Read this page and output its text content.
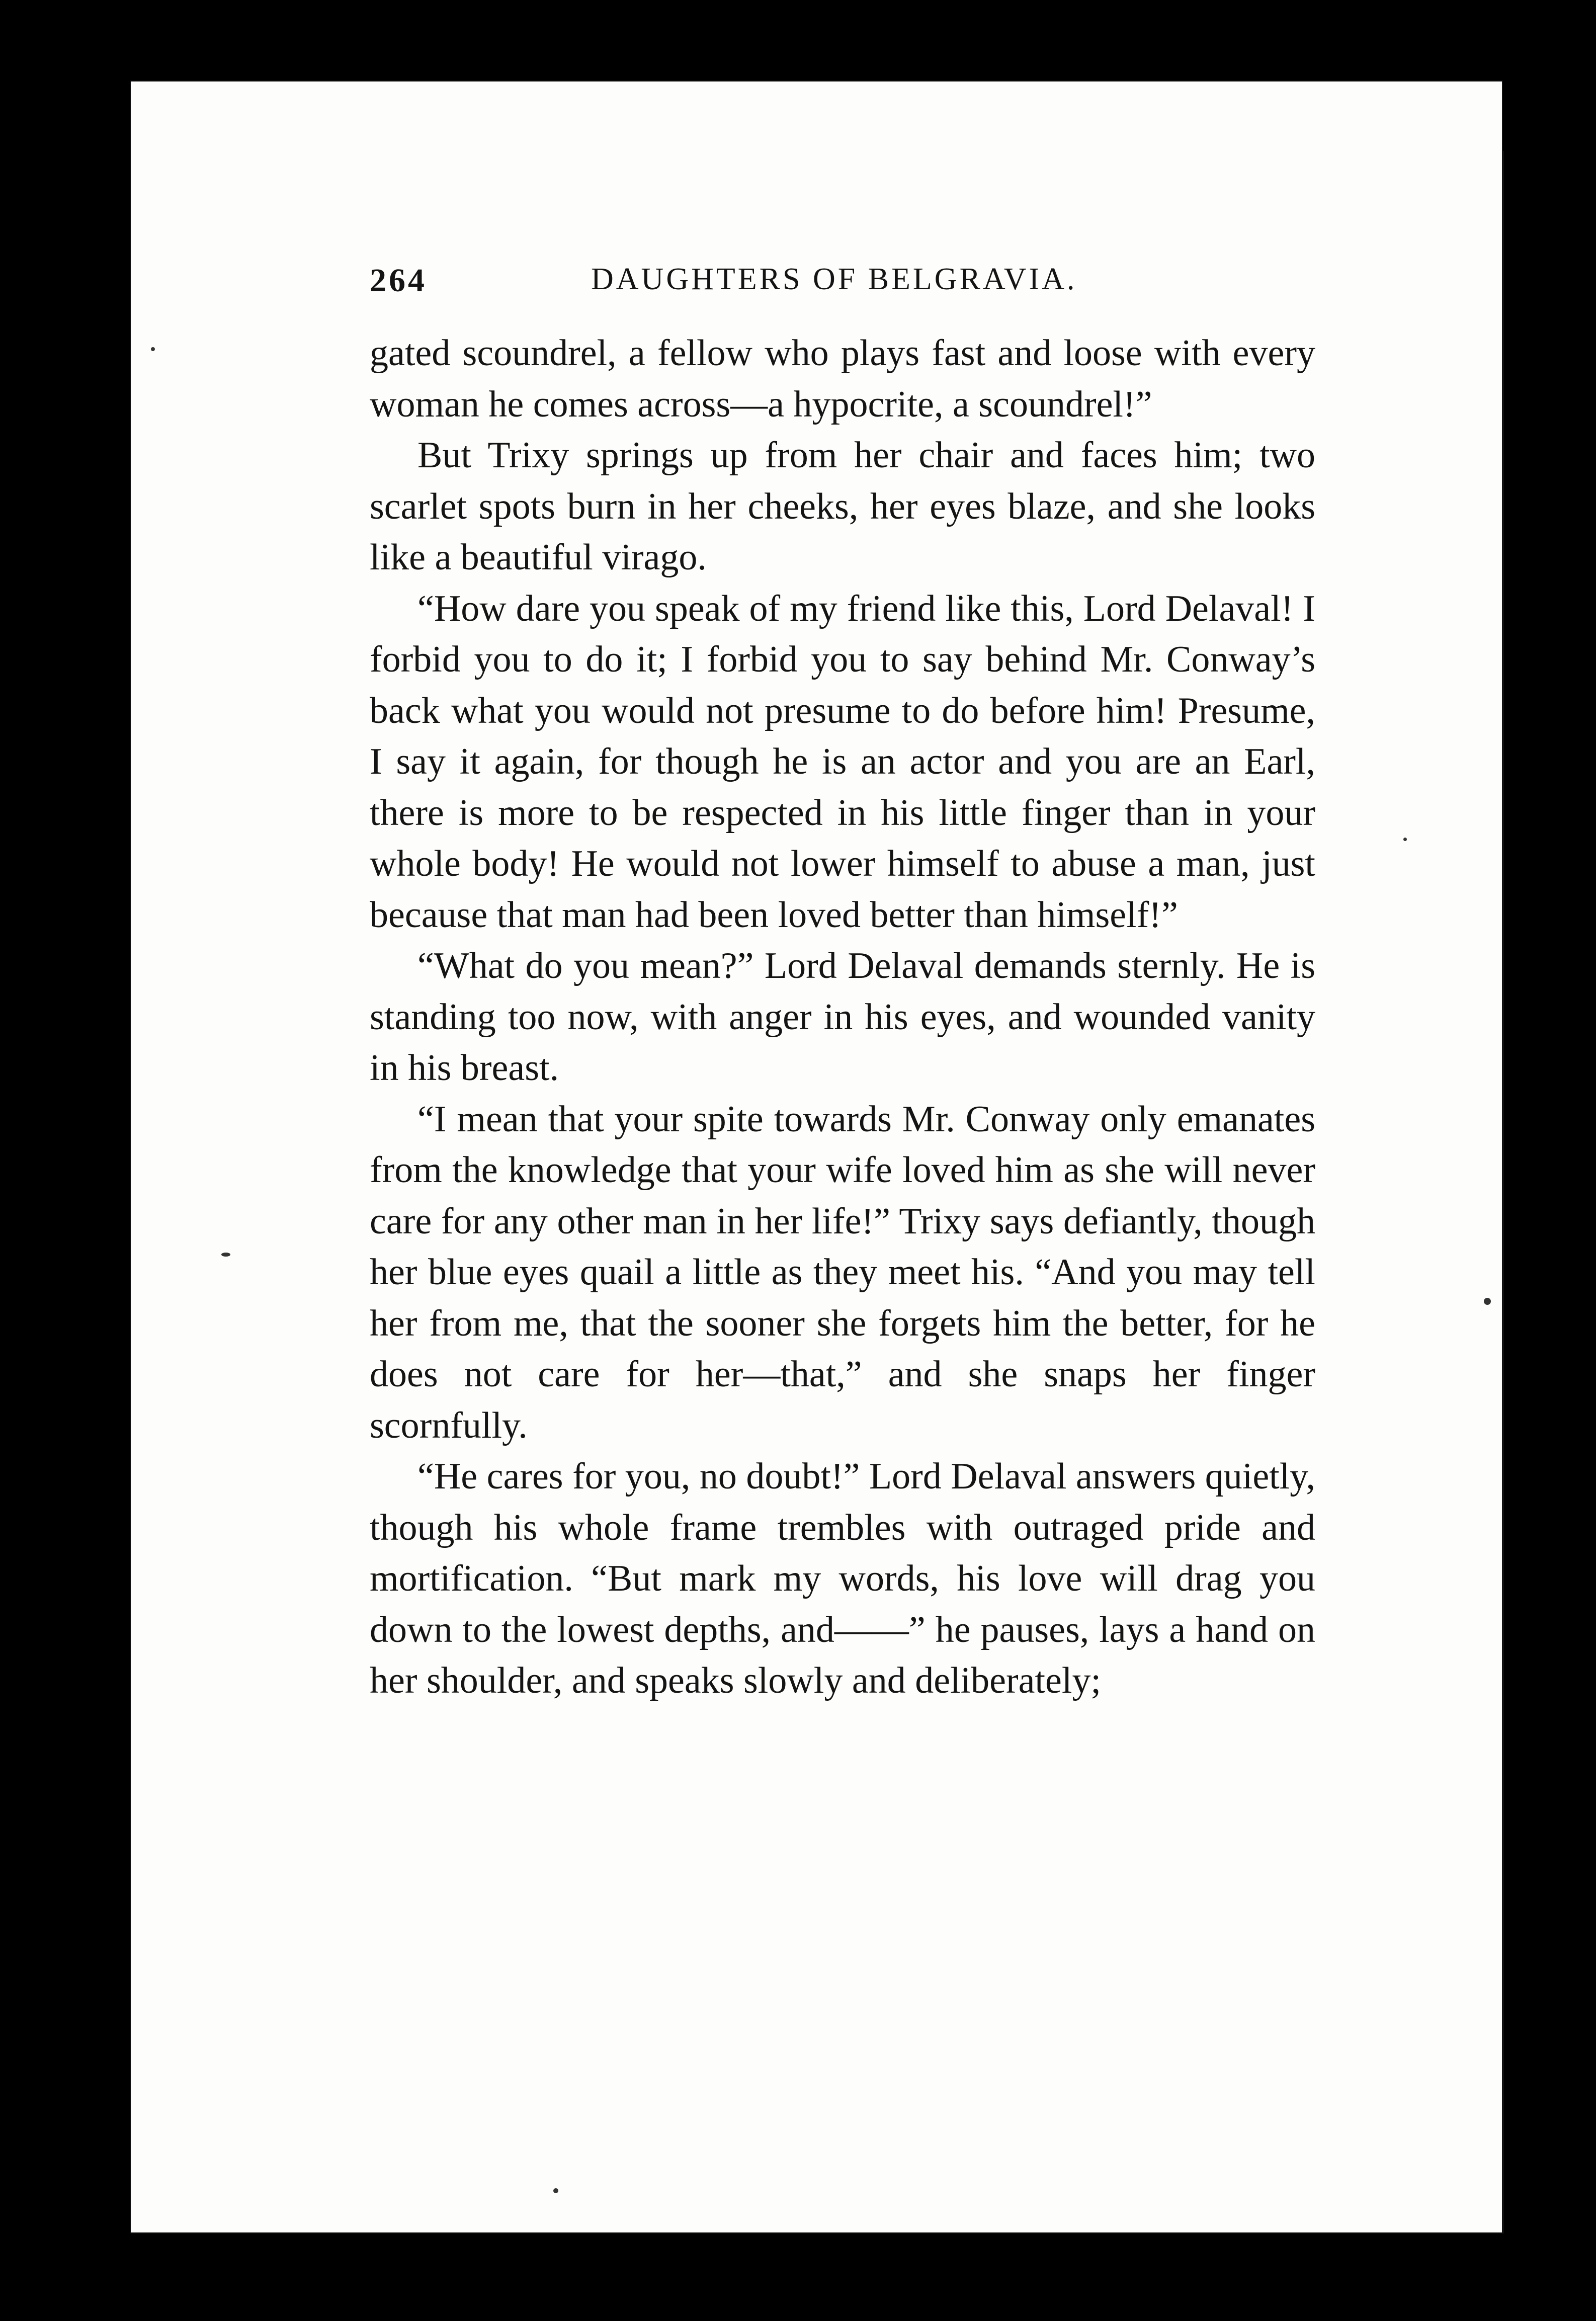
264	DAUGHTERS OF BELGRAVIA.

gated scoundrel, a fellow who plays fast and loose with every woman he comes across—a hypocrite, a scoundrel!”

But Trixy springs up from her chair and faces him; two scarlet spots burn in her cheeks, her eyes blaze, and she looks like a beautiful virago.

“How dare you speak of my friend like this, Lord Delaval! I forbid you to do it; I forbid you to say behind Mr. Conway’s back what you would not presume to do before him! Presume, I say it again, for though he is an actor and you are an Earl, there is more to be respected in his little finger than in your whole body! He would not lower himself to abuse a man, just because that man had been loved better than himself!”

“What do you mean?” Lord Delaval demands sternly. He is standing too now, with anger in his eyes, and wounded vanity in his breast.

“I mean that your spite towards Mr. Conway only emanates from the knowledge that your wife loved him as she will never care for any other man in her life!” Trixy says defiantly, though her blue eyes quail a little as they meet his. “And you may tell her from me, that the sooner she forgets him the better, for he does not care for her—that,” and she snaps her finger scornfully.

“He cares for you, no doubt!” Lord Delaval answers quietly, though his whole frame trembles with outraged pride and mortification. “But mark my words, his love will drag you down to the lowest depths, and——” he pauses, lays a hand on her shoulder, and speaks slowly and deliberately;
